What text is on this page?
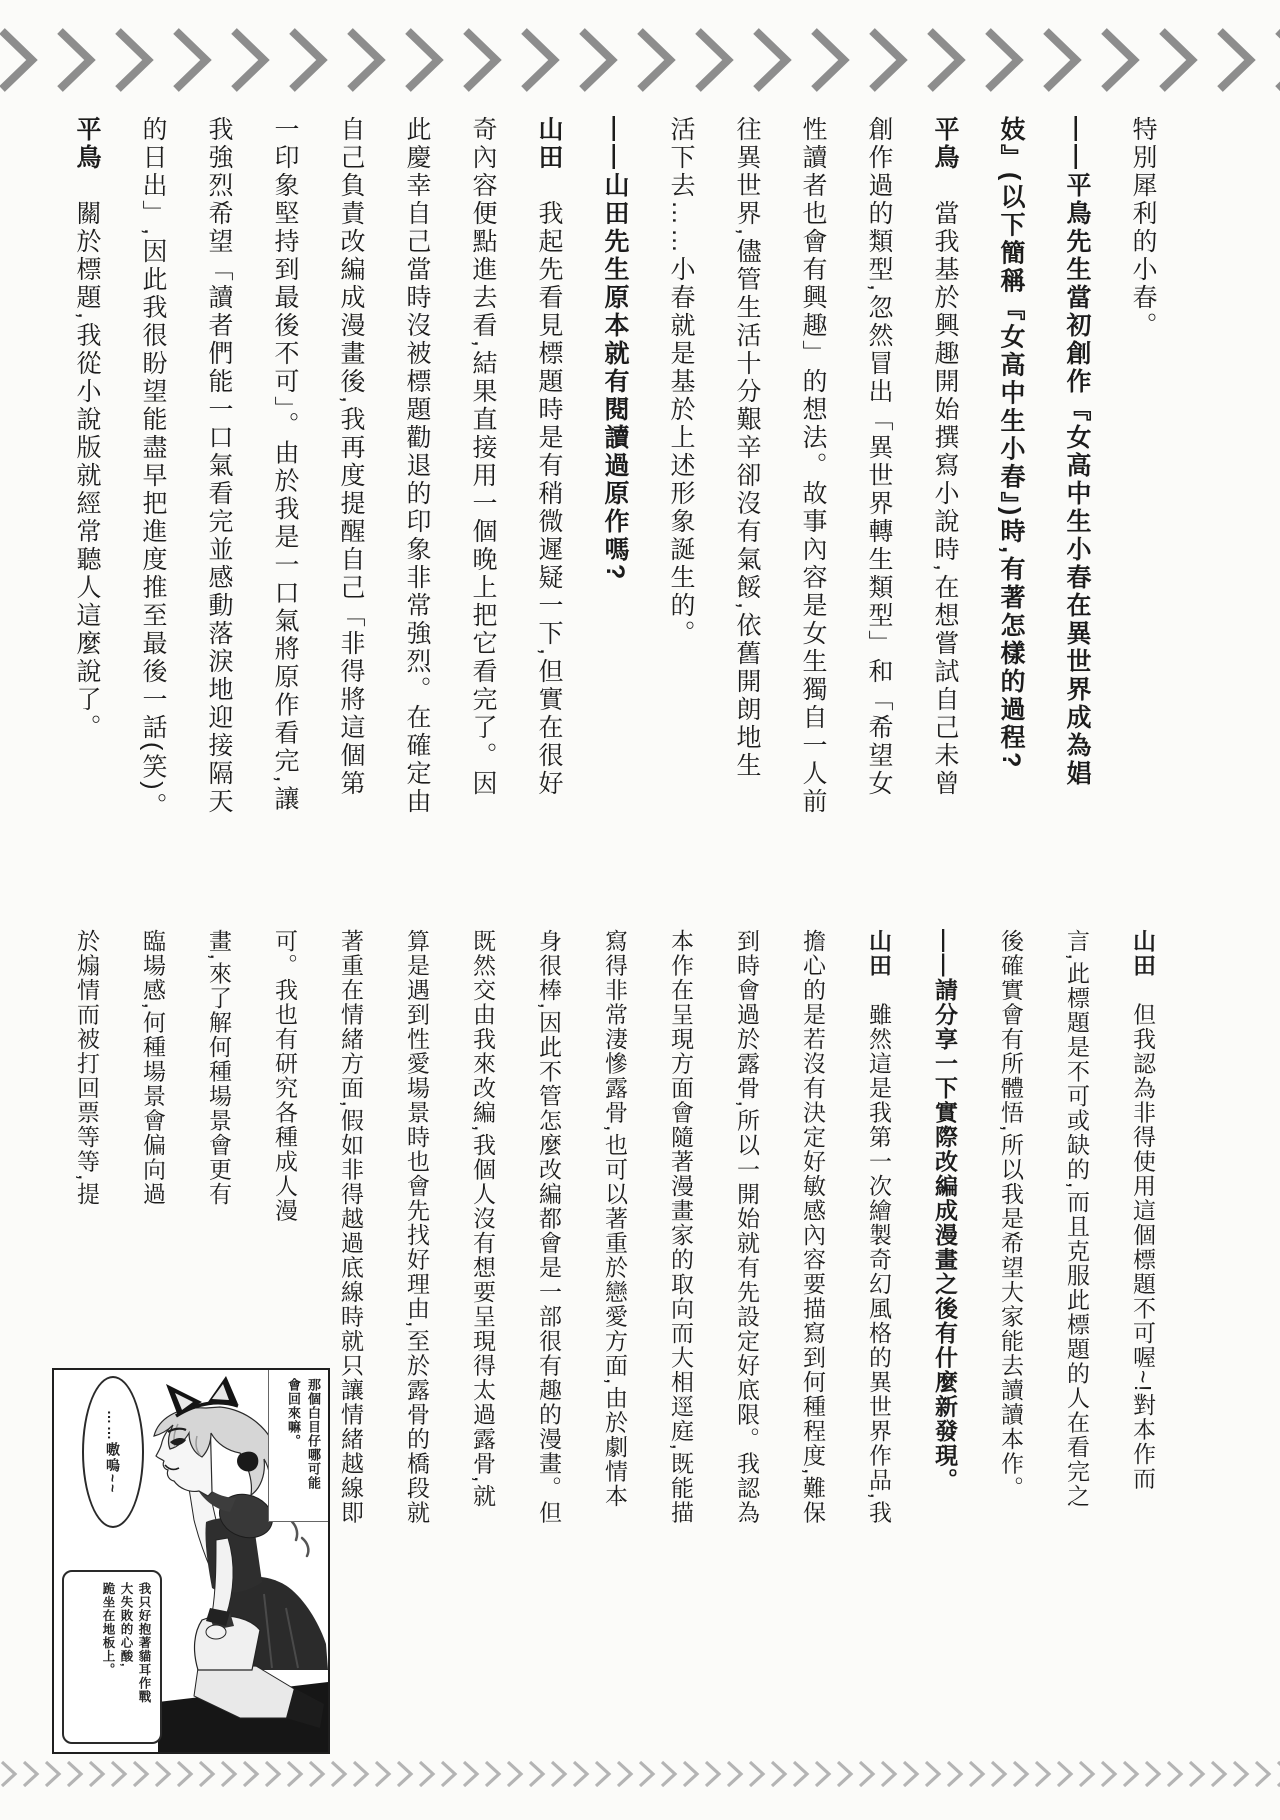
特別犀利的小春。

——平鳥先生當初創作『女高中生小春在異世界成為娼

妓』(以下簡稱『女高中生小春』)時,有著怎樣的過程?

平鳥　當我基於興趣開始撰寫小說時,在想嘗試自己未曾

創作過的類型,忽然冒出「異世界轉生類型」和「希望女

性讀者也會有興趣」的想法。故事內容是女生獨自一人前

往異世界,儘管生活十分艱辛卻沒有氣餒,依舊開朗地生

活下去……小春就是基於上述形象誕生的。

——山田先生原本就有閱讀過原作嗎?

山田　我起先看見標題時是有稍微遲疑一下,但實在很好

奇內容便點進去看,結果直接用一個晚上把它看完了。因

此慶幸自己當時沒被標題勸退的印象非常強烈。在確定由

自己負責改編成漫畫後,我再度提醒自己「非得將這個第

一印象堅持到最後不可」。由於我是一口氣將原作看完,讓

我強烈希望「讀者們能一口氣看完並感動落淚地迎接隔天

的日出」,因此我很盼望能盡早把進度推至最後一話(笑)。

平鳥　關於標題,我從小說版就經常聽人這麼說了。

山田　但我認為非得使用這個標題不可喔~!對本作而

言,此標題是不可或缺的,而且克服此標題的人在看完之

後確實會有所體悟,所以我是希望大家能去讀讀本作。

——請分享一下實際改編成漫畫之後有什麼新發現。

山田　雖然這是我第一次繪製奇幻風格的異世界作品,我

擔心的是若沒有決定好敏感內容要描寫到何種程度,難保

到時會過於露骨,所以一開始就有先設定好底限。我認為

本作在呈現方面會隨著漫畫家的取向而大相逕庭,既能描

寫得非常淒慘露骨,也可以著重於戀愛方面,由於劇情本

身很棒,因此不管怎麼改編都會是一部很有趣的漫畫。但

既然交由我來改編,我個人沒有想要呈現得太過露骨,就

算是遇到性愛場景時也會先找好理由,至於露骨的橋段就

著重在情緒方面,假如非得越過底線時就只讓情緒越線即

可。我也有研究各種成人漫

畫,來了解何種場景會更有

臨場感,何種場景會偏向過

於煽情而被打回票等等,提

那個白目仔哪可能

會回來嘛。

……嗷嗚~~

我只好抱著貓耳作戰

大失敗的心酸,

跪坐在地板上。
